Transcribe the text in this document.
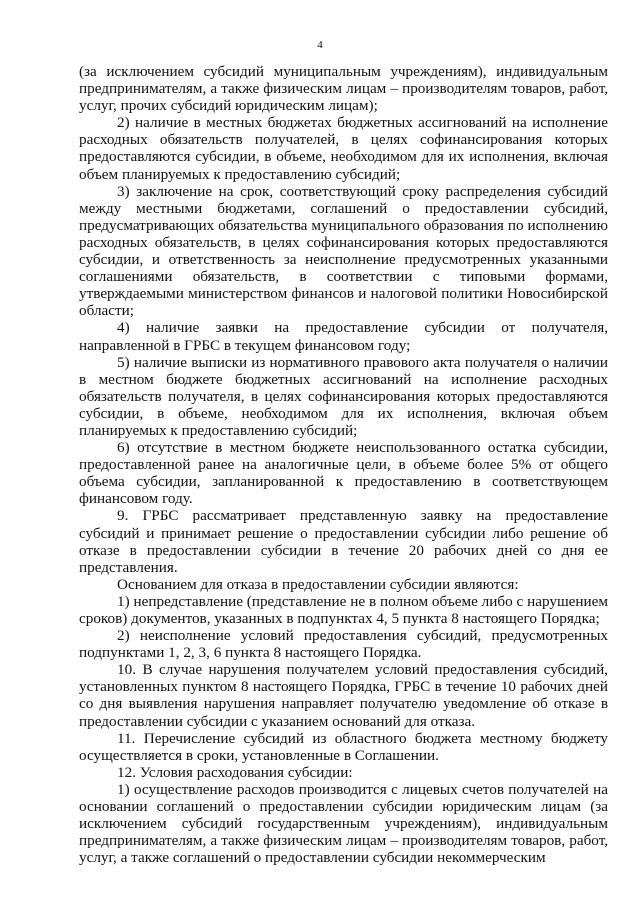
4

(за исключением субсидий муниципальным учреждениям), индивидуальным предпринимателям, а также физическим лицам – производителям товаров, работ, услуг, прочих субсидий юридическим лицам);

2) наличие в местных бюджетах бюджетных ассигнований на исполнение расходных обязательств получателей, в целях софинансирования которых предоставляются субсидии, в объеме, необходимом для их исполнения, включая объем планируемых к предоставлению субсидий;

3) заключение на срок, соответствующий сроку распределения субсидий между местными бюджетами, соглашений о предоставлении субсидий, предусматривающих обязательства муниципального образования по исполнению расходных обязательств, в целях софинансирования которых предоставляются субсидии, и ответственность за неисполнение предусмотренных указанными соглашениями обязательств, в соответствии с типовыми формами, утверждаемыми министерством финансов и налоговой политики Новосибирской области;

4) наличие заявки на предоставление субсидии от получателя, направленной в ГРБС в текущем финансовом году;

5) наличие выписки из нормативного правового акта получателя о наличии в местном бюджете бюджетных ассигнований на исполнение расходных обязательств получателя, в целях софинансирования которых предоставляются субсидии, в объеме, необходимом для их исполнения, включая объем планируемых к предоставлению субсидий;

6) отсутствие в местном бюджете неиспользованного остатка субсидии, предоставленной ранее на аналогичные цели, в объеме более 5% от общего объема субсидии, запланированной к предоставлению в соответствующем финансовом году.

9. ГРБС рассматривает представленную заявку на предоставление субсидий и принимает решение о предоставлении субсидии либо решение об отказе в предоставлении субсидии в течение 20 рабочих дней со дня ее представления.

Основанием для отказа в предоставлении субсидии являются:

1) непредставление (представление не в полном объеме либо с нарушением сроков) документов, указанных в подпунктах 4, 5 пункта 8 настоящего Порядка;

2) неисполнение условий предоставления субсидий, предусмотренных подпунктами 1, 2, 3, 6 пункта 8 настоящего Порядка.

10. В случае нарушения получателем условий предоставления субсидий, установленных пунктом 8 настоящего Порядка, ГРБС в течение 10 рабочих дней со дня выявления нарушения направляет получателю уведомление об отказе в предоставлении субсидии с указанием оснований для отказа.

11. Перечисление субсидий из областного бюджета местному бюджету осуществляется в сроки, установленные в Соглашении.

12. Условия расходования субсидии:

1) осуществление расходов производится с лицевых счетов получателей на основании соглашений о предоставлении субсидии юридическим лицам (за исключением субсидий государственным учреждениям), индивидуальным предпринимателям, а также физическим лицам – производителям товаров, работ, услуг, а также соглашений о предоставлении субсидии некоммерческим
